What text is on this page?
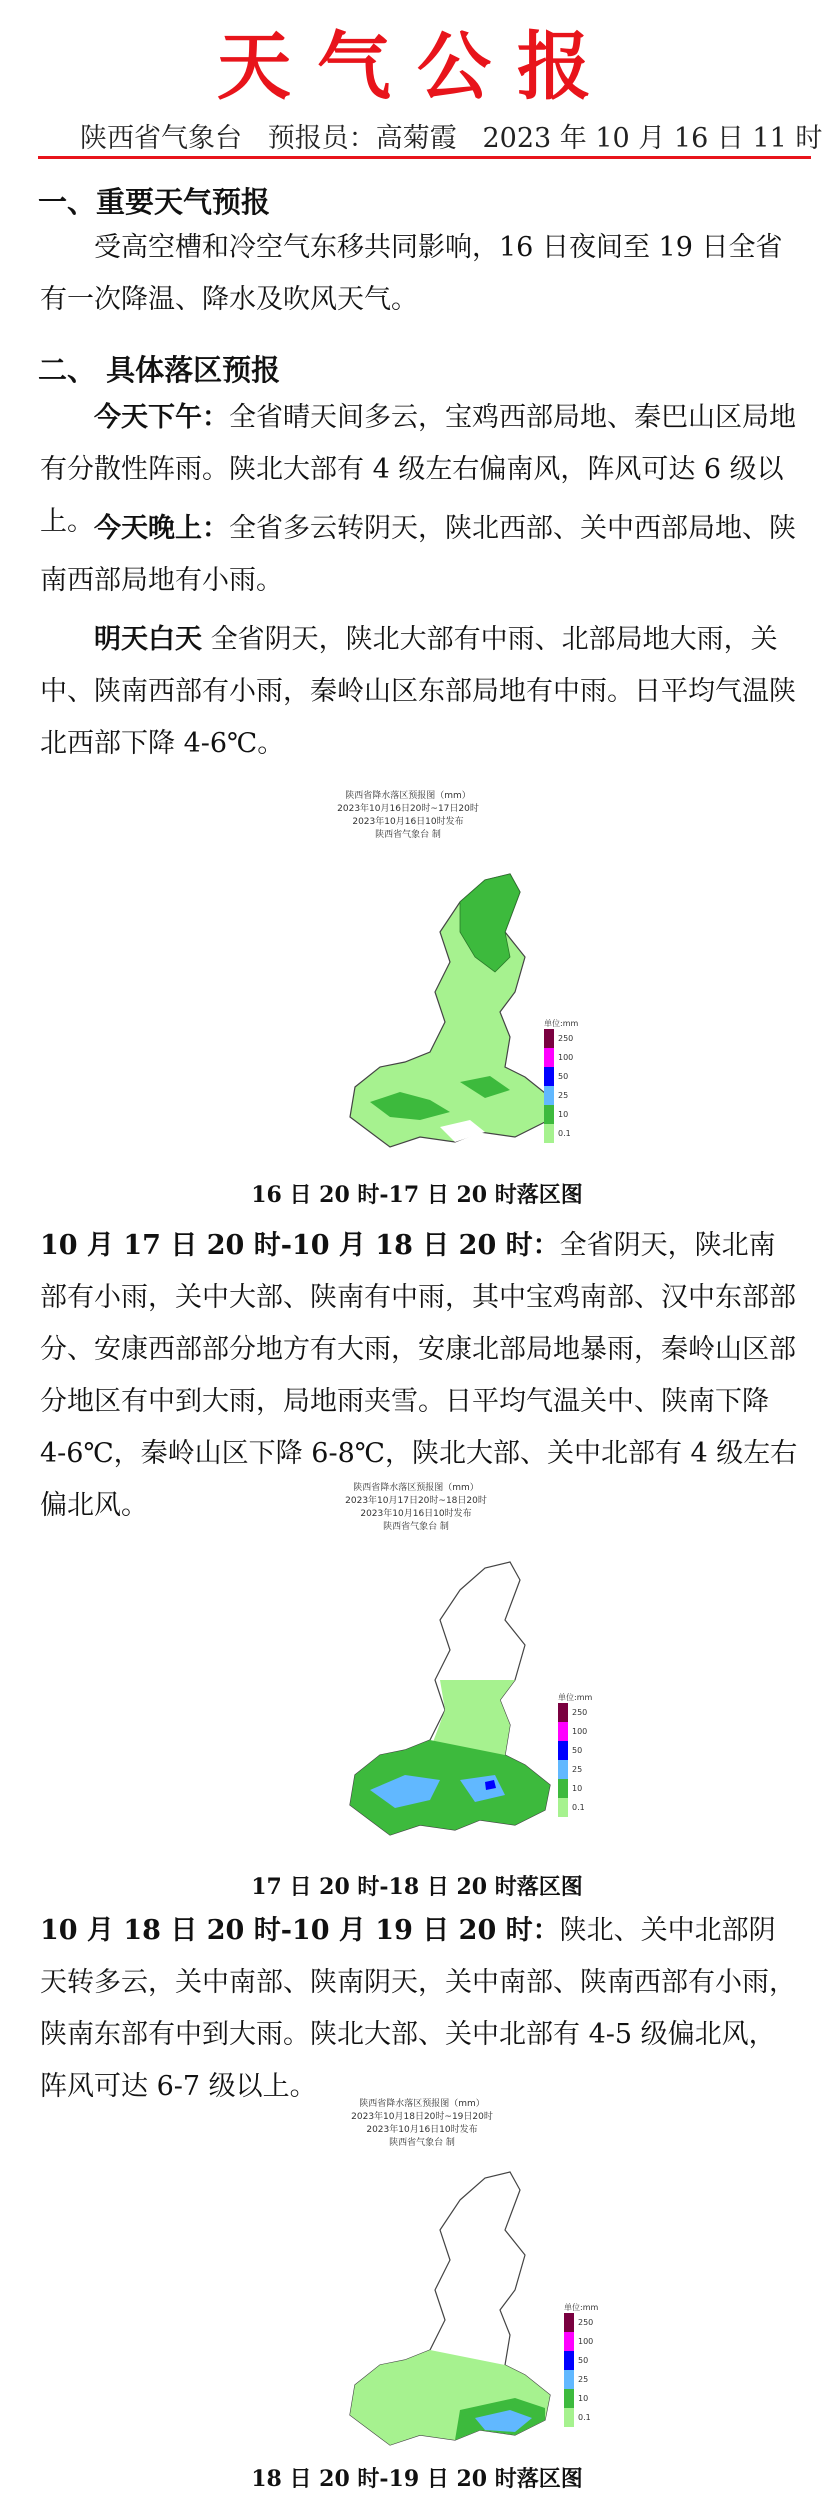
天气公报
陕西省气象台   预报员：高菊霞   2023 年 10 月 16 日 11 时
一、重要天气预报

受高空槽和冷空气东移共同影响，16 日夜间至 19 日全省有一次降温、降水及吹风天气。

二、 具体落区预报

今天下午：全省晴天间多云，宝鸡西部局地、秦巴山区局地有分散性阵雨。陕北大部有 4 级左右偏南风，阵风可达 6 级以上。 今天晚上：全省多云转阴天，陕北西部、关中西部局地、陕南西部局地有小雨。

明天白天 全省阴天，陕北大部有中雨、北部局地大雨，关中、陕南西部有小雨，秦岭山区东部局地有中雨。日平均气温陕北西部下降 4-6℃。

陕西省降水落区预报图（mm）
2023年10月16日20时~17日20时
2023年10月16日10时发布
陕西省气象台 制
单位:mm
250
100
50
25
10
0.1
16 日 20 时-17 日 20 时落区图

10 月 17 日 20 时-10 月 18 日 20 时：全省阴天，陕北南部有小雨，关中大部、陕南有中雨，其中宝鸡南部、汉中东部部分、安康西部部分地方有大雨，安康北部局地暴雨，秦岭山区部分地区有中到大雨，局地雨夹雪。日平均气温关中、陕南下降 4-6℃，秦岭山区下降 6-8℃，陕北大部、关中北部有 4 级左右偏北风。

陕西省降水落区预报图（mm）
2023年10月17日20时~18日20时
2023年10月16日10时发布
陕西省气象台 制
单位:mm
250
100
50
25
10
0.1
17 日 20 时-18 日 20 时落区图

10 月 18 日 20 时-10 月 19 日 20 时：陕北、关中北部阴天转多云，关中南部、陕南阴天，关中南部、陕南西部有小雨，陕南东部有中到大雨。陕北大部、关中北部有 4-5 级偏北风，阵风可达 6-7 级以上。

陕西省降水落区预报图（mm）
2023年10月18日20时~19日20时
2023年10月16日10时发布
陕西省气象台 制
单位:mm
250
100
50
25
10
0.1
18 日 20 时-19 日 20 时落区图
